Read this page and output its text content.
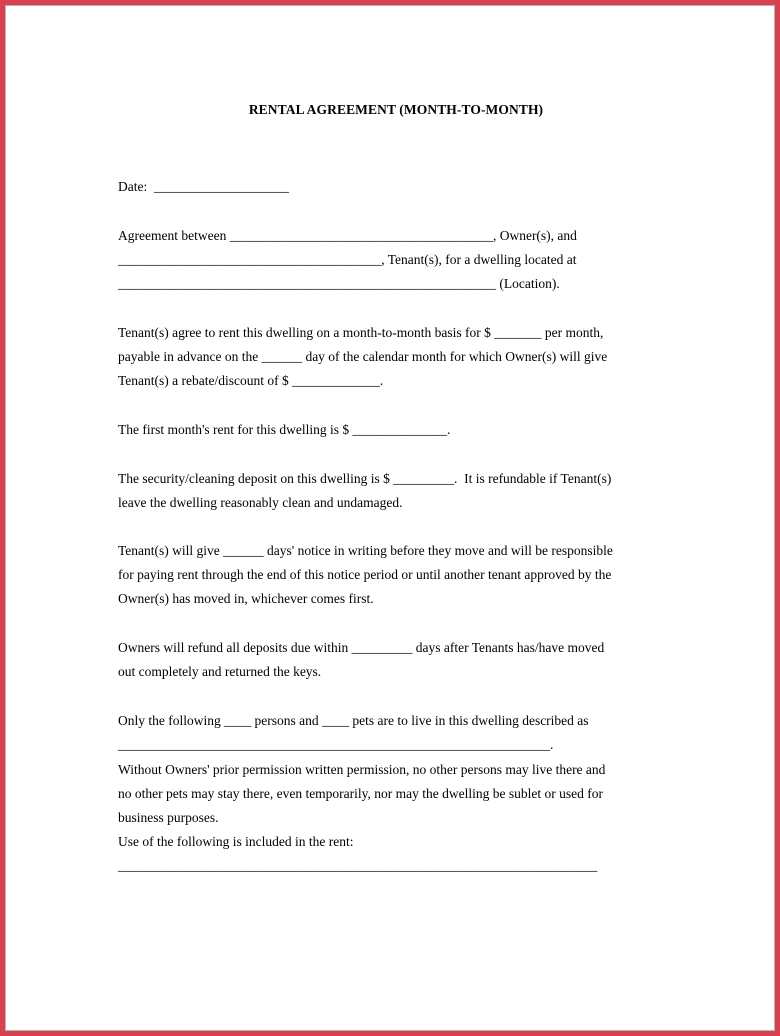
RENTAL AGREEMENT (MONTH-TO-MONTH)
Date:  ____________________
Agreement between _______________________________________, Owner(s), and
_______________________________________, Tenant(s), for a dwelling located at
________________________________________________________ (Location).
Tenant(s) agree to rent this dwelling on a month-to-month basis for $ _______ per month,
payable in advance on the ______ day of the calendar month for which Owner(s) will give
Tenant(s) a rebate/discount of $ _____________.
The first month's rent for this dwelling is $ ______________.
The security/cleaning deposit on this dwelling is $ _________.  It is refundable if Tenant(s)
leave the dwelling reasonably clean and undamaged.
Tenant(s) will give ______ days' notice in writing before they move and will be responsible
for paying rent through the end of this notice period or until another tenant approved by the
Owner(s) has moved in, whichever comes first.
Owners will refund all deposits due within _________ days after Tenants has/have moved
out completely and returned the keys.
Only the following ____ persons and ____ pets are to live in this dwelling described as
________________________________________________________________.
Without Owners' prior permission written permission, no other persons may live there and
no other pets may stay there, even temporarily, nor may the dwelling be sublet or used for
business purposes.
Use of the following is included in the rent:
_______________________________________________________________________
